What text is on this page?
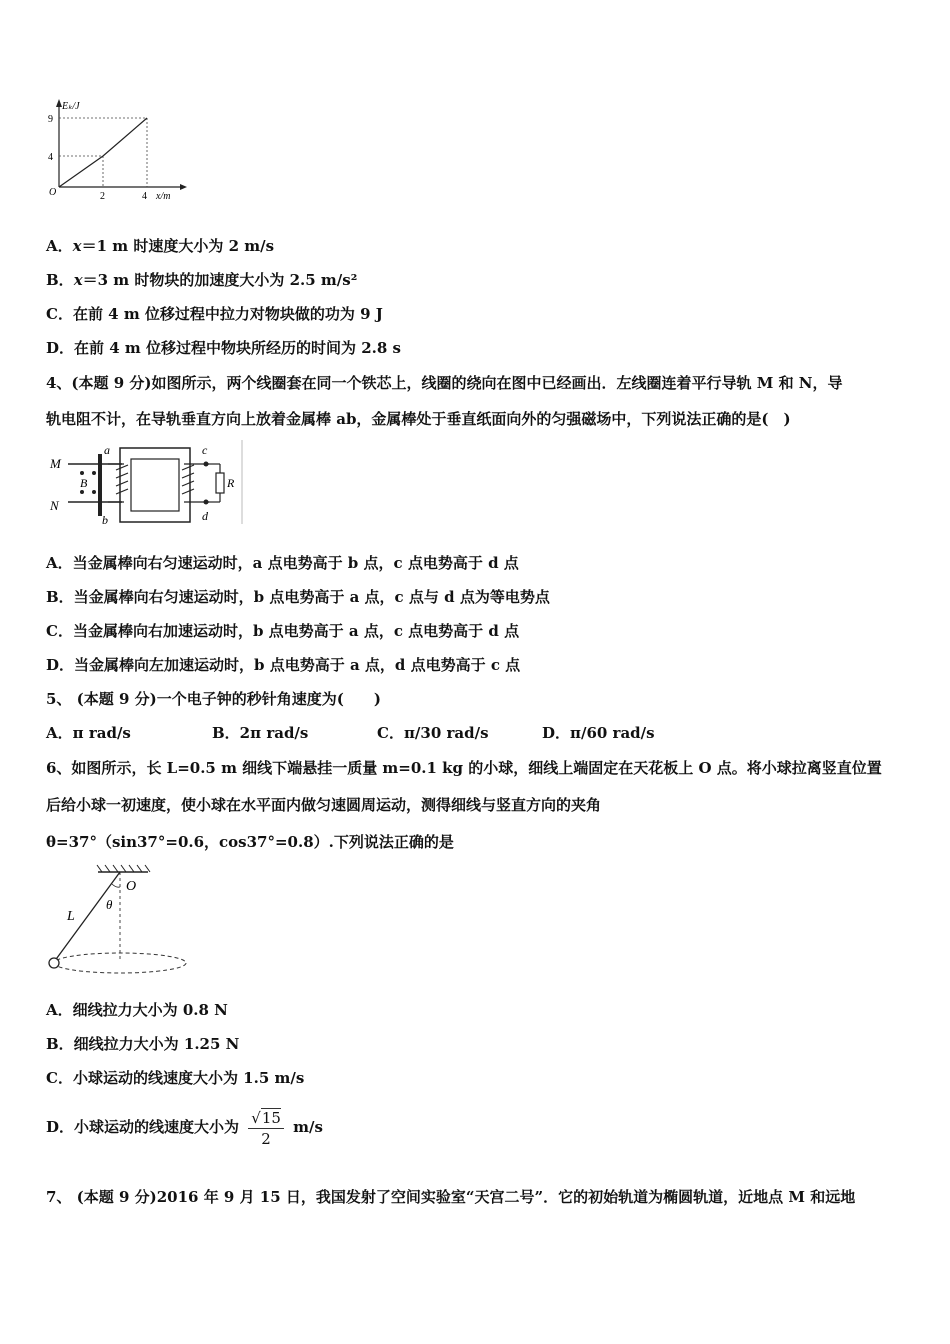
Eₖ/J
9
4
O	2	4 x/m
A．x＝1 m 时速度大小为 2 m/s
B．x＝3 m 时物块的加速度大小为 2.5 m/s²
C．在前 4 m 位移过程中拉力对物块做的功为 9 J
D．在前 4 m 位移过程中物块所经历的时间为 2.8 s
4、(本题 9 分)如图所示，两个线圈套在同一个铁芯上，线圈的绕向在图中已经画出．左线圈连着平行导轨 M 和 N，导
轨电阻不计，在导轨垂直方向上放着金属棒 ab，金属棒处于垂直纸面向外的匀强磁场中，下列说法正确的是(　)
M
N
B
a
b
c
d
R
A．当金属棒向右匀速运动时，a 点电势高于 b 点，c 点电势高于 d 点
B．当金属棒向右匀速运动时，b 点电势高于 a 点，c 点与 d 点为等电势点
C．当金属棒向右加速运动时，b 点电势高于 a 点，c 点电势高于 d 点
D．当金属棒向左加速运动时，b 点电势高于 a 点，d 点电势高于 c 点
5、 (本题 9 分)一个电子钟的秒针角速度为(　　)
A．π rad/s	B．2π rad/s	C．π/30 rad/s	D．π/60 rad/s
6、如图所示，长 L=0.5 m 细线下端悬挂一质量 m=0.1 kg 的小球，细线上端固定在天花板上 O 点。将小球拉离竖直位置
后给小球一初速度，使小球在水平面内做匀速圆周运动，测得细线与竖直方向的夹角
θ=37°（sin37°=0.6，cos37°=0.8）.下列说法正确的是
O
θ
L
A．细线拉力大小为 0.8 N
B．细线拉力大小为 1.25 N
C．小球运动的线速度大小为 1.5 m/s
D．小球运动的线速度大小为 $\frac{√15}{2} m/s$
7、 (本题 9 分)2016 年 9 月 15 日，我国发射了空间实验室“天宫二号”．它的初始轨道为椭圆轨道，近地点 M 和远地
